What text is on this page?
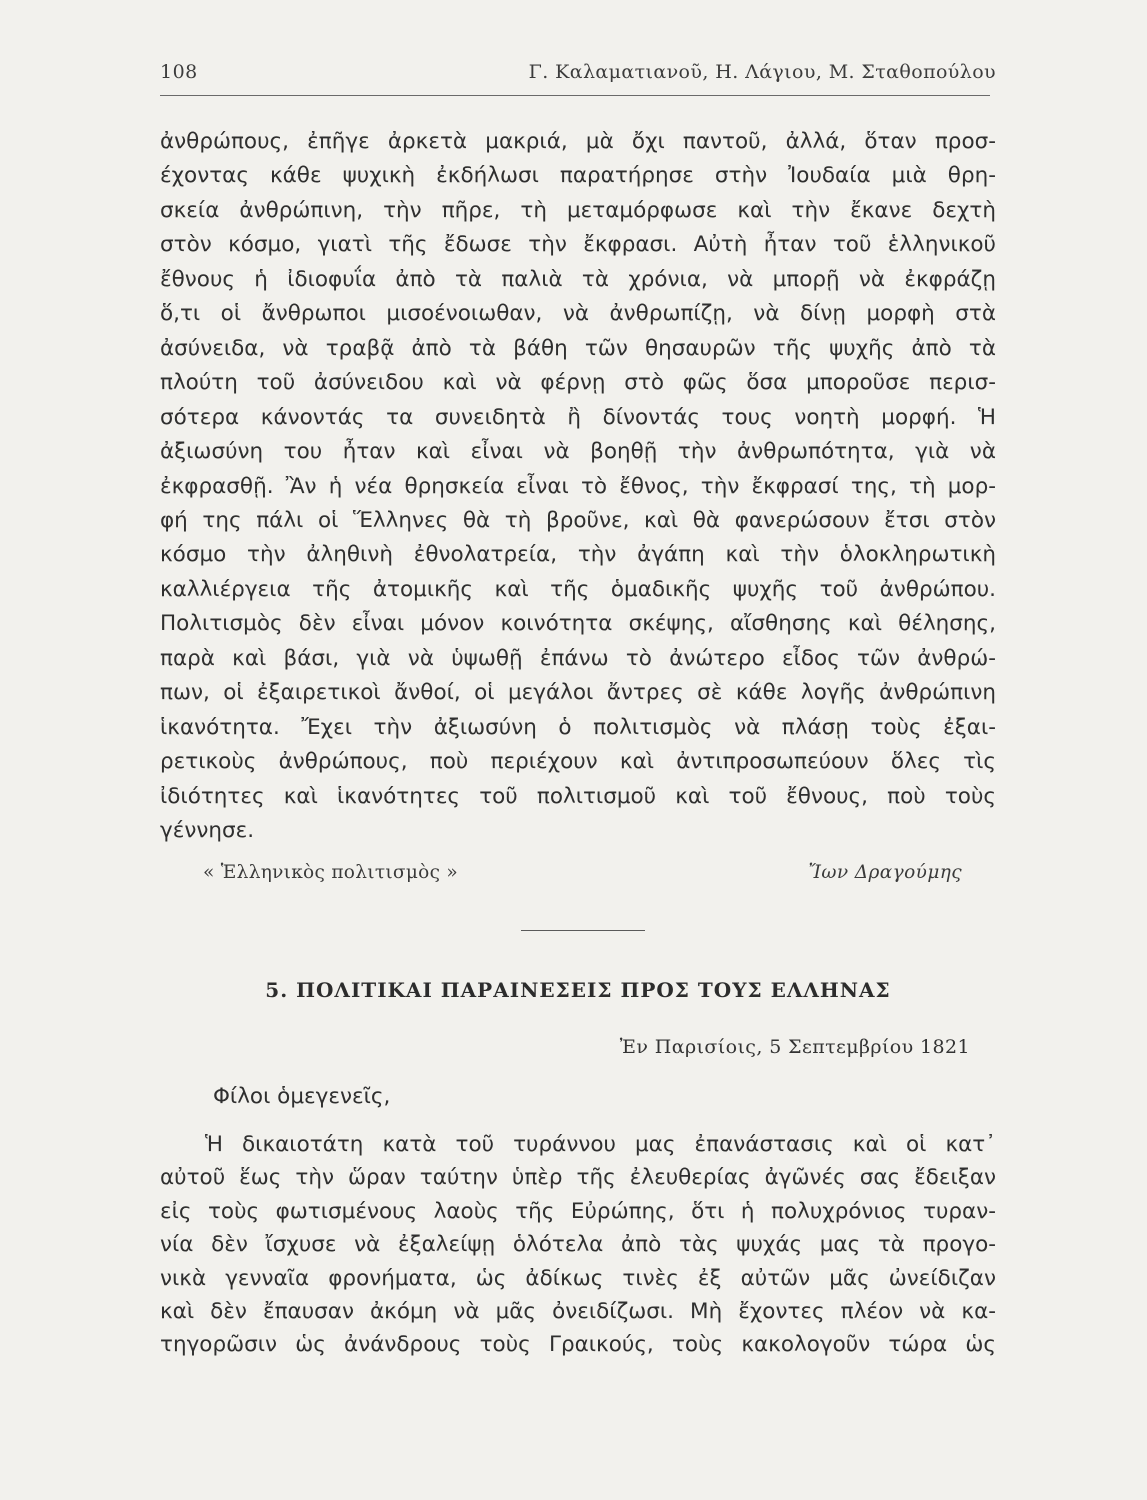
108	Γ. Καλαματιανοῦ, Η. Λάγιου, Μ. Σταθοπούλου
ἀνθρώπους, ἐπῆγε ἀρκετὰ μακριά, μὰ ὄχι παντοῦ, ἀλλά, ὅταν προσ-
έχοντας κάθε ψυχικὴ ἐκδήλωσι παρατήρησε στὴν Ἰουδαία μιὰ θρη-
σκεία ἀνθρώπινη, τὴν πῆρε, τὴ μεταμόρφωσε καὶ τὴν ἔκανε δεχτὴ
στὸν κόσμο, γιατὶ τῆς ἔδωσε τὴν ἔκφρασι. Αὐτὴ ἦταν τοῦ ἑλληνικοῦ
ἔθνους ἡ ἰδιοφυΐα ἀπὸ τὰ παλιὰ τὰ χρόνια, νὰ μπορῇ νὰ ἐκφράζῃ
ὅ,τι οἱ ἄνθρωποι μισοένοιωθαν, νὰ ἀνθρωπίζῃ, νὰ δίνῃ μορφὴ στὰ
ἀσύνειδα, νὰ τραβᾷ ἀπὸ τὰ βάθη τῶν θησαυρῶν τῆς ψυχῆς ἀπὸ τὰ
πλούτη τοῦ ἀσύνειδου καὶ νὰ φέρνῃ στὸ φῶς ὅσα μποροῦσε περισ-
σότερα κάνοντάς τα συνειδητὰ ἢ δίνοντάς τους νοητὴ μορφή. Ἡ
ἀξιωσύνη του ἦταν καὶ εἶναι νὰ βοηθῇ τὴν ἀνθρωπότητα, γιὰ νὰ
ἐκφρασθῇ. Ἂν ἡ νέα θρησκεία εἶναι τὸ ἔθνος, τὴν ἔκφρασί της, τὴ μορ-
φή της πάλι οἱ Ἕλληνες θὰ τὴ βροῦνε, καὶ θὰ φανερώσουν ἔτσι στὸν
κόσμο τὴν ἀληθινὴ ἐθνολατρεία, τὴν ἀγάπη καὶ τὴν ὁλοκληρωτικὴ
καλλιέργεια τῆς ἀτομικῆς καὶ τῆς ὁμαδικῆς ψυχῆς τοῦ ἀνθρώπου.
Πολιτισμὸς δὲν εἶναι μόνον κοινότητα σκέψης, αἴσθησης καὶ θέλησης,
παρὰ καὶ βάσι, γιὰ νὰ ὑψωθῇ ἐπάνω τὸ ἀνώτερο εἶδος τῶν ἀνθρώ-
πων, οἱ ἐξαιρετικοὶ ἄνθοί, οἱ μεγάλοι ἄντρες σὲ κάθε λογῆς ἀνθρώπινη
ἱκανότητα. Ἔχει τὴν ἀξιωσύνη ὁ πολιτισμὸς νὰ πλάσῃ τοὺς ἐξαι-
ρετικοὺς ἀνθρώπους, ποὺ περιέχουν καὶ ἀντιπροσωπεύουν ὅλες τὶς
ἰδιότητες καὶ ἱκανότητες τοῦ πολιτισμοῦ καὶ τοῦ ἔθνους, ποὺ τοὺς
γέννησε.
« Ἑλληνικὸς πολιτισμὸς »	Ἴων Δραγούμης
5. ΠΟΛΙΤΙΚΑΙ ΠΑΡΑΙΝΕΣΕΙΣ ΠΡΟΣ ΤΟΥΣ ΕΛΛΗΝΑΣ
Ἐν Παρισίοις, 5 Σεπτεμβρίου 1821
Φίλοι ὁμεγενεῖς,
Ἡ δικαιοτάτη κατὰ τοῦ τυράννου μας ἐπανάστασις καὶ οἱ κατ᾽
αὐτοῦ ἕως τὴν ὥραν ταύτην ὑπὲρ τῆς ἐλευθερίας ἀγῶνές σας ἔδειξαν
εἰς τοὺς φωτισμένους λαοὺς τῆς Εὐρώπης, ὅτι ἡ πολυχρόνιος τυραν-
νία δὲν ἴσχυσε νὰ ἐξαλείψῃ ὁλότελα ἀπὸ τὰς ψυχάς μας τὰ προγο-
νικὰ γενναῖα φρονήματα, ὡς ἀδίκως τινὲς ἐξ αὐτῶν μᾶς ὠνείδιζαν
καὶ δὲν ἔπαυσαν ἀκόμη νὰ μᾶς ὀνειδίζωσι. Μὴ ἔχοντες πλέον νὰ κα-
τηγορῶσιν ὡς ἀνάνδρους τοὺς Γραικούς, τοὺς κακολογοῦν τώρα ὡς
